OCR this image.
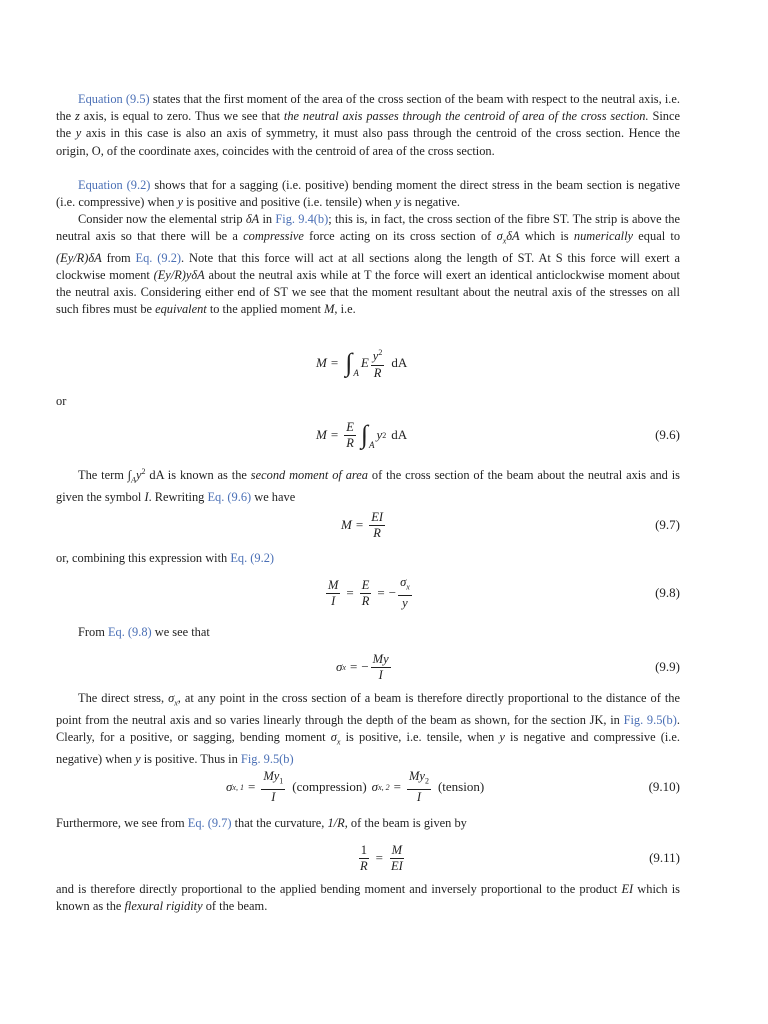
Equation (9.5) states that the first moment of the area of the cross section of the beam with respect to the neutral axis, i.e. the z axis, is equal to zero. Thus we see that the neutral axis passes through the centroid of area of the cross section. Since the y axis in this case is also an axis of symmetry, it must also pass through the centroid of the cross section. Hence the origin, O, of the coordinate axes, coincides with the centroid of area of the cross section.

Equation (9.2) shows that for a sagging (i.e. positive) bending moment the direct stress in the beam section is negative (i.e. compressive) when y is positive and positive (i.e. tensile) when y is negative.

Consider now the elemental strip δA in Fig. 9.4(b); this is, in fact, the cross section of the fibre ST. The strip is above the neutral axis so that there will be a compressive force acting on its cross section of $\sigma_x\delta A$ which is numerically equal to (Ey/R)δA from Eq. (9.2). Note that this force will act at all sections along the length of ST. At S this force will exert a clockwise moment (Ey/R)yδA about the neutral axis while at T the force will exert an identical anticlockwise moment about the neutral axis. Considering either end of ST we see that the moment resultant about the neutral axis of the stresses on all such fibres must be equivalent to the applied moment M, i.e.

M = ∫ A
E $\frac{y^2}{R}$ dA

or

$M = \frac{E}{R}$ ∫ A
y 2 dA	(9.6)

The term $\int_Ay^2$ dA is known as the second moment of area of the cross section of the beam about the neutral axis and is given the symbol I. Rewriting Eq. (9.6) we have

$M = \frac{EI}{R}$	(9.7)

or, combining this expression with Eq. (9.2)

$\frac{M}{I} = \frac{E}{R}$ = − $\frac{\sigma_x}{y}$	(9.8)

From Eq. (9.8) we see that

σ x = − $\frac{My}{I}$	(9.9)

The direct stress, $\sigma_x$, at any point in the cross section of a beam is therefore directly proportional to the distance of the point from the neutral axis and so varies linearly through the depth of the beam as shown, for the section JK, in Fig. 9.5(b). Clearly, for a positive, or sagging, bending moment $\sigma_x$ is positive, i.e. tensile, when y is negative and compressive (i.e. negative) when y is positive. Thus in Fig. 9.5(b)

σ x, $1 = \frac{My_1}{I}$ (compression) σ x, $2 = \frac{My_2}{I}$ (tension)	(9.10)

Furthermore, we see from Eq. (9.7) that the curvature, 1/R, of the beam is given by

$\frac{1}{R} = \frac{M}{EI}$	(9.11)

and is therefore directly proportional to the applied bending moment and inversely proportional to the product EI which is known as the flexural rigidity of the beam.
